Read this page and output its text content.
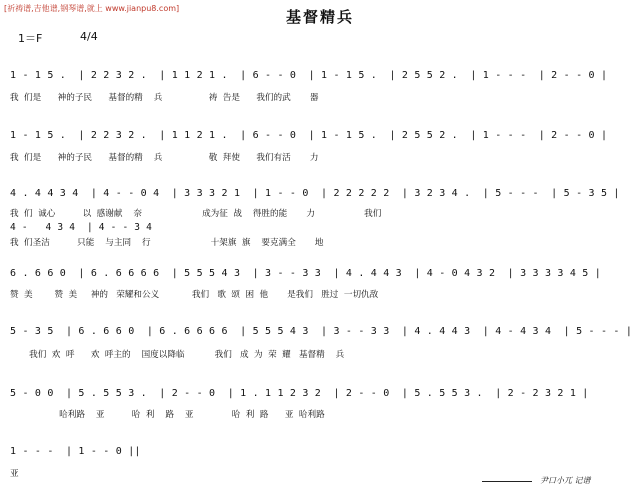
[祈祷谱,吉他谱,钢琴谱,就上 www.jianpu8.com]	基督精兵
1＝F	4/4
1 - 1 5 .  | 2 2 3 2 .  | 1 1 2 1 .  | 6 - - 0  | 1 - 1 5 .  | 2 5 5 2 .  | 1 - - -  | 2 - - 0 |
我  们是      神的子民      基督的精    兵                 祷  告是      我们的武       器
1 - 1 5 .  | 2 2 3 2 .  | 1 1 2 1 .  | 6 - - 0  | 1 - 1 5 .  | 2 5 5 2 .  | 1 - - -  | 2 - - 0 |
我  们是      神的子民      基督的精    兵                 敬  拜使      我们有活       力
4 . 4 4 3 4  | 4 - - 0 4  | 3 3 3 2 1  | 1 - - 0  | 2 2 2 2 2  | 3 2 3 4 .  | 5 - - -  | 5 - 3 5 |
我  们  诚心          以  感谢献    奈                      成为征  战    得胜的能       力                  我们
4 -   4 3 4  | 4 - - 3 4
我  们圣洁          只能    与主同    行                      十架旗  旗    要克满全       地
6 . 6 6 0  | 6 . 6 6 6 6  | 5 5 5 4 3  | 3 - - 3 3  | 4 . 4 4 3  | 4 - 0 4 3 2  | 3 3 3 3 4 5 |
赞  美        赞  美     神的   荣耀和公义            我们   歌  颂  困  他       是我们   胜过  一切仇敌
5 - 3 5  | 6 . 6 6 0  | 6 . 6 6 6 6  | 5 5 5 4 3  | 3 - - 3 3  | 4 . 4 4 3  | 4 - 4 3 4  | 5 - - - |
我们  欢  呼      欢  呼主的    国度以降临           我们   成  为  荣  耀   基督精    兵
5 - 0 0  | 5 . 5 5 3 .  | 2 - - 0  | 1 . 1 1 2 3 2  | 2 - - 0  | 5 . 5 5 3 .  | 2 - 2 3 2 1 |
哈利路    亚          哈  利    路    亚              哈  利  路      亚  哈利路
1 - - -  | 1 - - 0 ||
亚
尹口小兀 记谱
